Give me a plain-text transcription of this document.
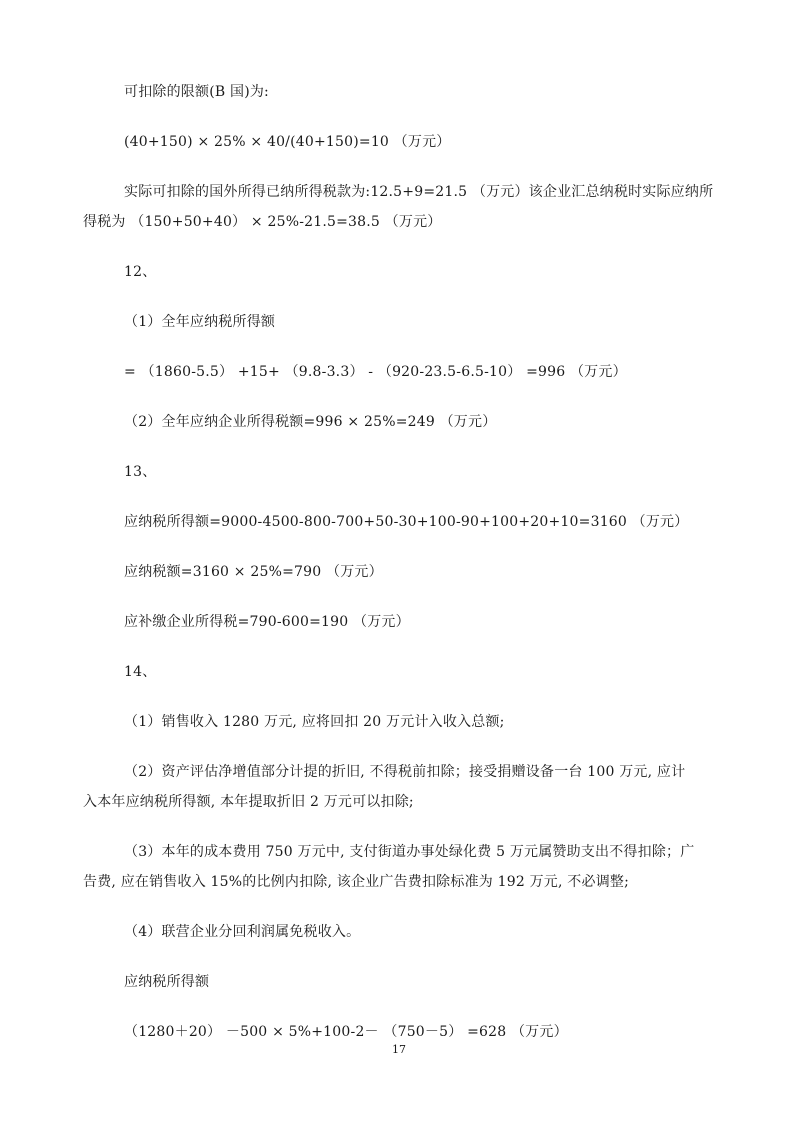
可扣除的限额(B 国)为:
(40+150) × 25% × 40/(40+150)=10 （万元）
实际可扣除的国外所得已纳所得税款为:12.5+9=21.5 （万元）该企业汇总纳税时实际应纳所
得税为 （150+50+40） × 25%-21.5=38.5 （万元）
12、
（1）全年应纳税所得额
= （1860-5.5） +15+ （9.8-3.3） - （920-23.5-6.5-10） =996 （万元）
（2）全年应纳企业所得税额=996 × 25%=249 （万元）
13、
应纳税所得额=9000-4500-800-700+50-30+100-90+100+20+10=3160 （万元）
应纳税额=3160 × 25%=790 （万元）
应补缴企业所得税=790-600=190 （万元）
14、
（1）销售收入 1280 万元, 应将回扣 20 万元计入收入总额;
（2）资产评估净增值部分计提的折旧, 不得税前扣除；接受捐赠设备一台 100 万元, 应计
入本年应纳税所得额, 本年提取折旧 2 万元可以扣除;
（3）本年的成本费用 750 万元中, 支付街道办事处绿化费 5 万元属赞助支出不得扣除；广
告费, 应在销售收入 15%的比例内扣除, 该企业广告费扣除标准为 192 万元, 不必调整;
（4）联营企业分回利润属免税收入。
应纳税所得额
（1280＋20） －500 × 5%+100-2－ （750－5） =628 （万元）
17
